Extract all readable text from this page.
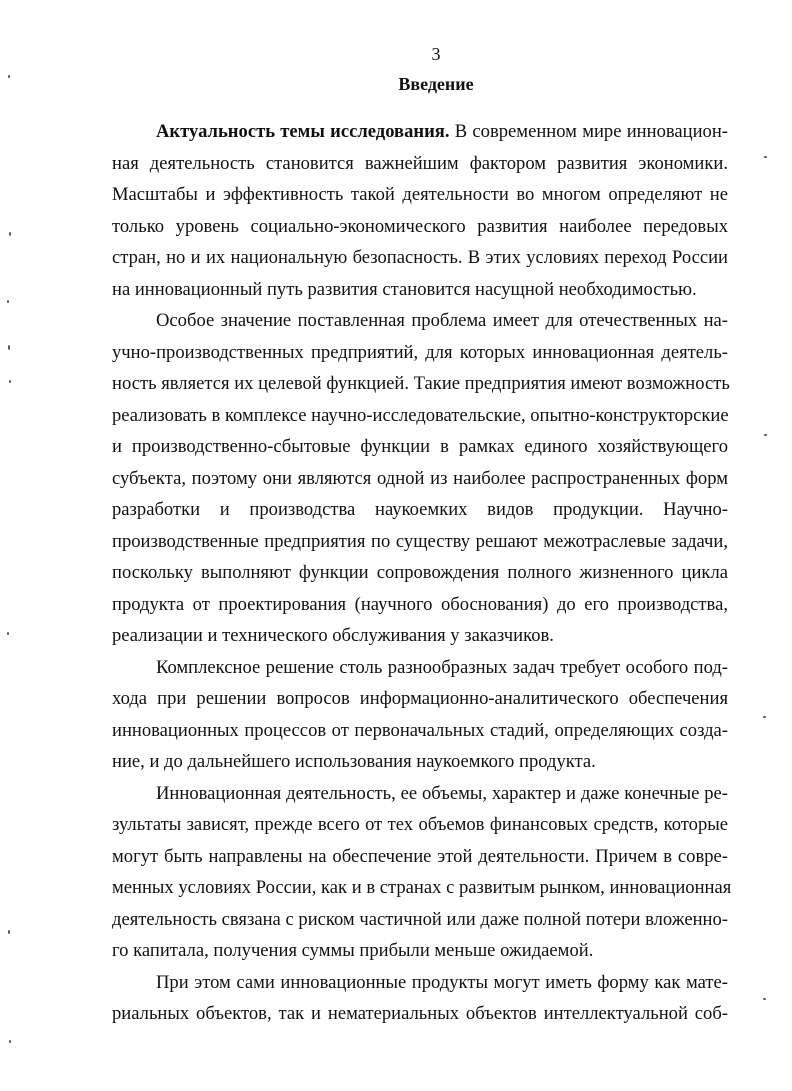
3
Введение
Актуальность темы исследования. В современном мире инновацион-
ная деятельность становится важнейшим фактором развития экономики.
Масштабы и эффективность такой деятельности во многом определяют не
только уровень социально-экономического развития наиболее передовых
стран, но и их национальную безопасность. В этих условиях переход России
на инновационный путь развития становится насущной необходимостью.
Особое значение поставленная проблема имеет для отечественных на-
учно-производственных предприятий, для которых инновационная деятель-
ность является их целевой функцией. Такие предприятия имеют возможность
реализовать в комплексе научно-исследовательские, опытно-конструкторские
и производственно-сбытовые функции в рамках единого хозяйствующего
субъекта, поэтому они являются одной из наиболее распространенных форм
разработки и производства наукоемких видов продукции. Научно-
производственные предприятия по существу решают межотраслевые задачи,
поскольку выполняют функции сопровождения полного жизненного цикла
продукта от проектирования (научного обоснования) до его производства,
реализации и технического обслуживания у заказчиков.
Комплексное решение столь разнообразных задач требует особого под-
хода при решении вопросов информационно-аналитического обеспечения
инновационных процессов от первоначальных стадий, определяющих созда-
ние, и до дальнейшего использования наукоемкого продукта.
Инновационная деятельность, ее объемы, характер и даже конечные ре-
зультаты зависят, прежде всего от тех объемов финансовых средств, которые
могут быть направлены на обеспечение этой деятельности. Причем в совре-
менных условиях России, как и в странах с развитым рынком, инновационная
деятельность связана с риском частичной или даже полной потери вложенно-
го капитала, получения суммы прибыли меньше ожидаемой.
При этом сами инновационные продукты могут иметь форму как мате-
риальных объектов, так и нематериальных объектов интеллектуальной соб-
